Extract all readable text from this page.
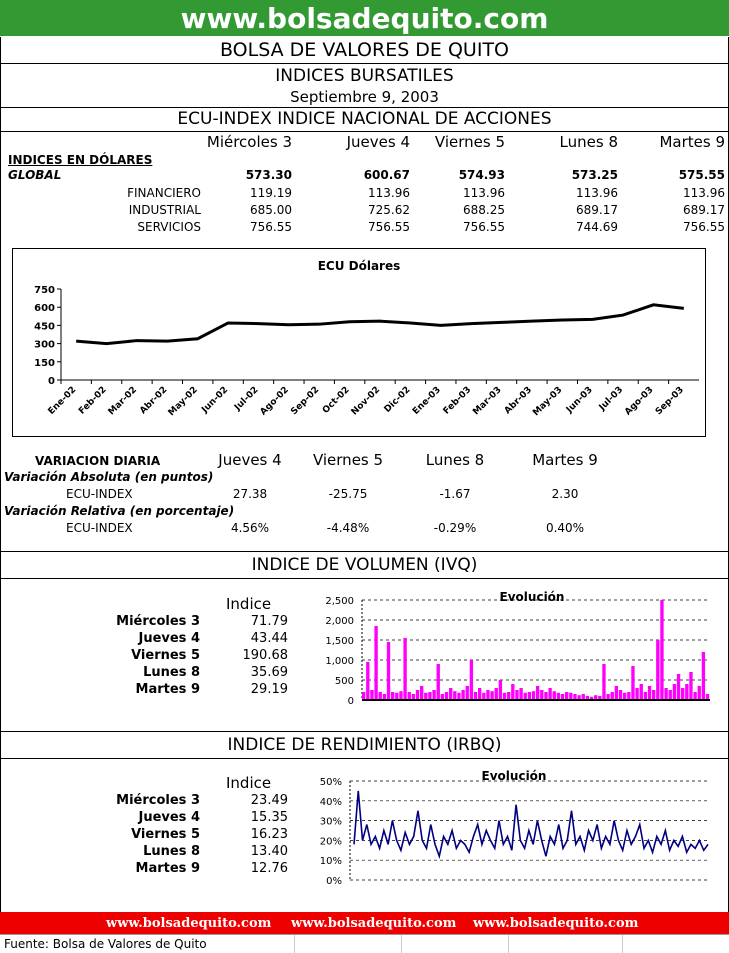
www.bolsadequito.com
BOLSA DE VALORES DE QUITO
INDICES BURSATILES
Septiembre 9, 2003
ECU-INDEX INDICE NACIONAL DE ACCIONES
Miércoles 3	Jueves 4	Viernes 5	Lunes 8	Martes 9
INDICES EN DÓLARES
GLOBAL	573.30	600.67	574.93	573.25	575.55
FINANCIERO	119.19	113.96	113.96	113.96	113.96
INDUSTRIAL	685.00	725.62	688.25	689.17	689.17
SERVICIOS	756.55	756.55	756.55	744.69	756.55
ECU Dólares
0
150
300
450
600
750
Ene-02
Feb-02
Mar-02 Abr-02
May-02 Jun-02 Jul-02
Ago-02
Sep-02 Oct-02
Nov-02 Dic-02
Ene-03
Feb-03
Mar-03 Abr-03
May-03 Jun-03 Jul-03
Ago-03
Sep-03
VARIACION DIARIA	Jueves 4	Viernes 5	Lunes 8	Martes 9
Variación Absoluta (en puntos)
ECU-INDEX	27.38	-25.75	-1.67	2.30
Variación Relativa (en porcentaje)
ECU-INDEX	4.56%	-4.48%	-0.29%	0.40%
INDICE DE VOLUMEN (IVQ)
Indice
Miércoles 3	71.79
Jueves 4	43.44
Viernes 5	190.68
Lunes 8	35.69
Martes 9	29.19
Evolución
0
500
1,000
1,500
2,000
2,500
INDICE DE RENDIMIENTO (IRBQ)
Indice
Miércoles 3	23.49
Jueves 4	15.35
Viernes 5	16.23
Lunes 8	13.40
Martes 9	12.76
Evolución
0%
10%
20%
30%
40%
50%
www.bolsadequito.com www.bolsadequito.com www.bolsadequito.com
Fuente: Bolsa de Valores de Quito
